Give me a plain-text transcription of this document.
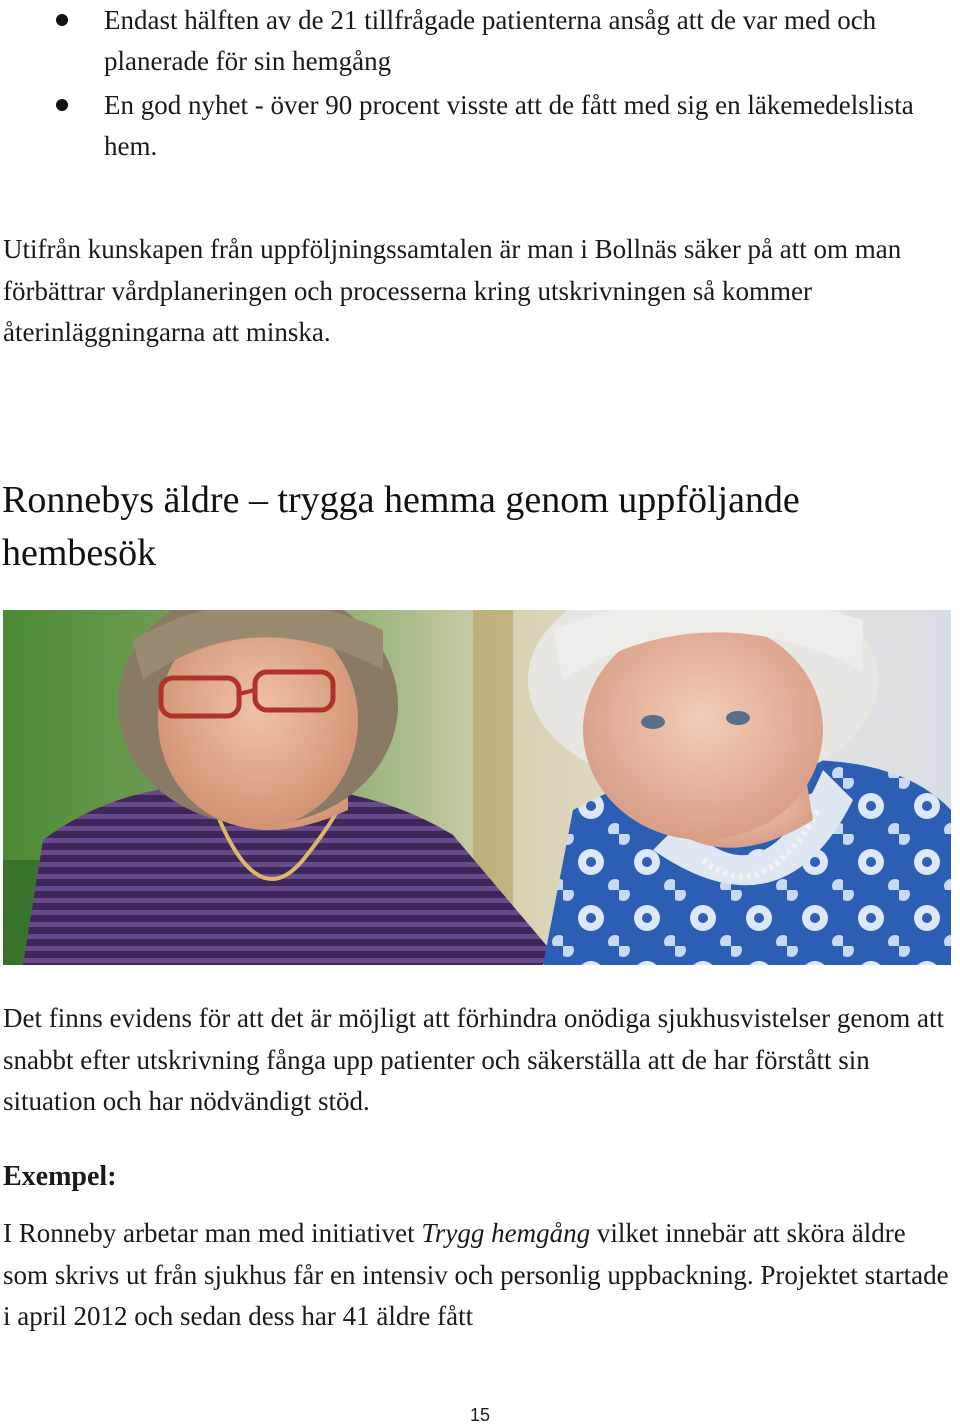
Endast hälften av de 21 tillfrågade patienterna ansåg att de var med och planerade för sin hemgång
En god nyhet - över 90 procent visste att de fått med sig en läkemedelslista hem.

Utifrån kunskapen från uppföljningssamtalen är man i Bollnäs säker på att om man förbättrar vårdplaneringen och processerna kring utskrivningen så kommer återinläggningarna att minska.

Ronnebys äldre – trygga hemma genom uppföljande hembesök

Det finns evidens för att det är möjligt att förhindra onödiga sjukhusvistelser genom att snabbt efter utskrivning fånga upp patienter och säkerställa att de har förstått sin situation och har nödvändigt stöd.

Exempel:

I Ronneby arbetar man med initiativet Trygg hemgång vilket innebär att sköra äldre som skrivs ut från sjukhus får en intensiv och personlig uppbackning. Projektet startade i april 2012 och sedan dess har 41 äldre fått

15
